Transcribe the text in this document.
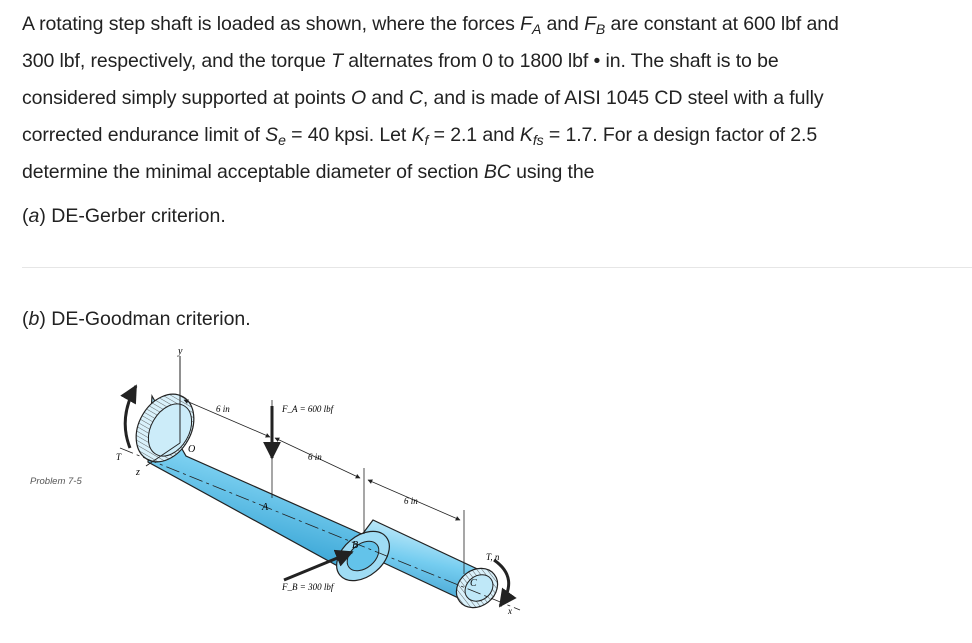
A rotating step shaft is loaded as shown, where the forces $F_A$ and $F_B$ are constant at 600 lbf and
300 lbf, respectively, and the torque T alternates from 0 to 1800 lbf • in. The shaft is to be
considered simply supported at points O and C, and is made of AISI 1045 CD steel with a fully
corrected endurance limit of $S_e = 40$ kpsi. Let $K_f = 2.1$ and $K_{fs} = 1.7$. For a design factor of 2.5
determine the minimal acceptable diameter of section BC using the

(a) DE-Gerber criterion.
(b) DE-Goodman criterion.
y
z
O
T
6 in
6 in
6 in
F_A = 600 lbf
A
F_B = 300 lbf
B
C
T, n
x
Problem 7-5
